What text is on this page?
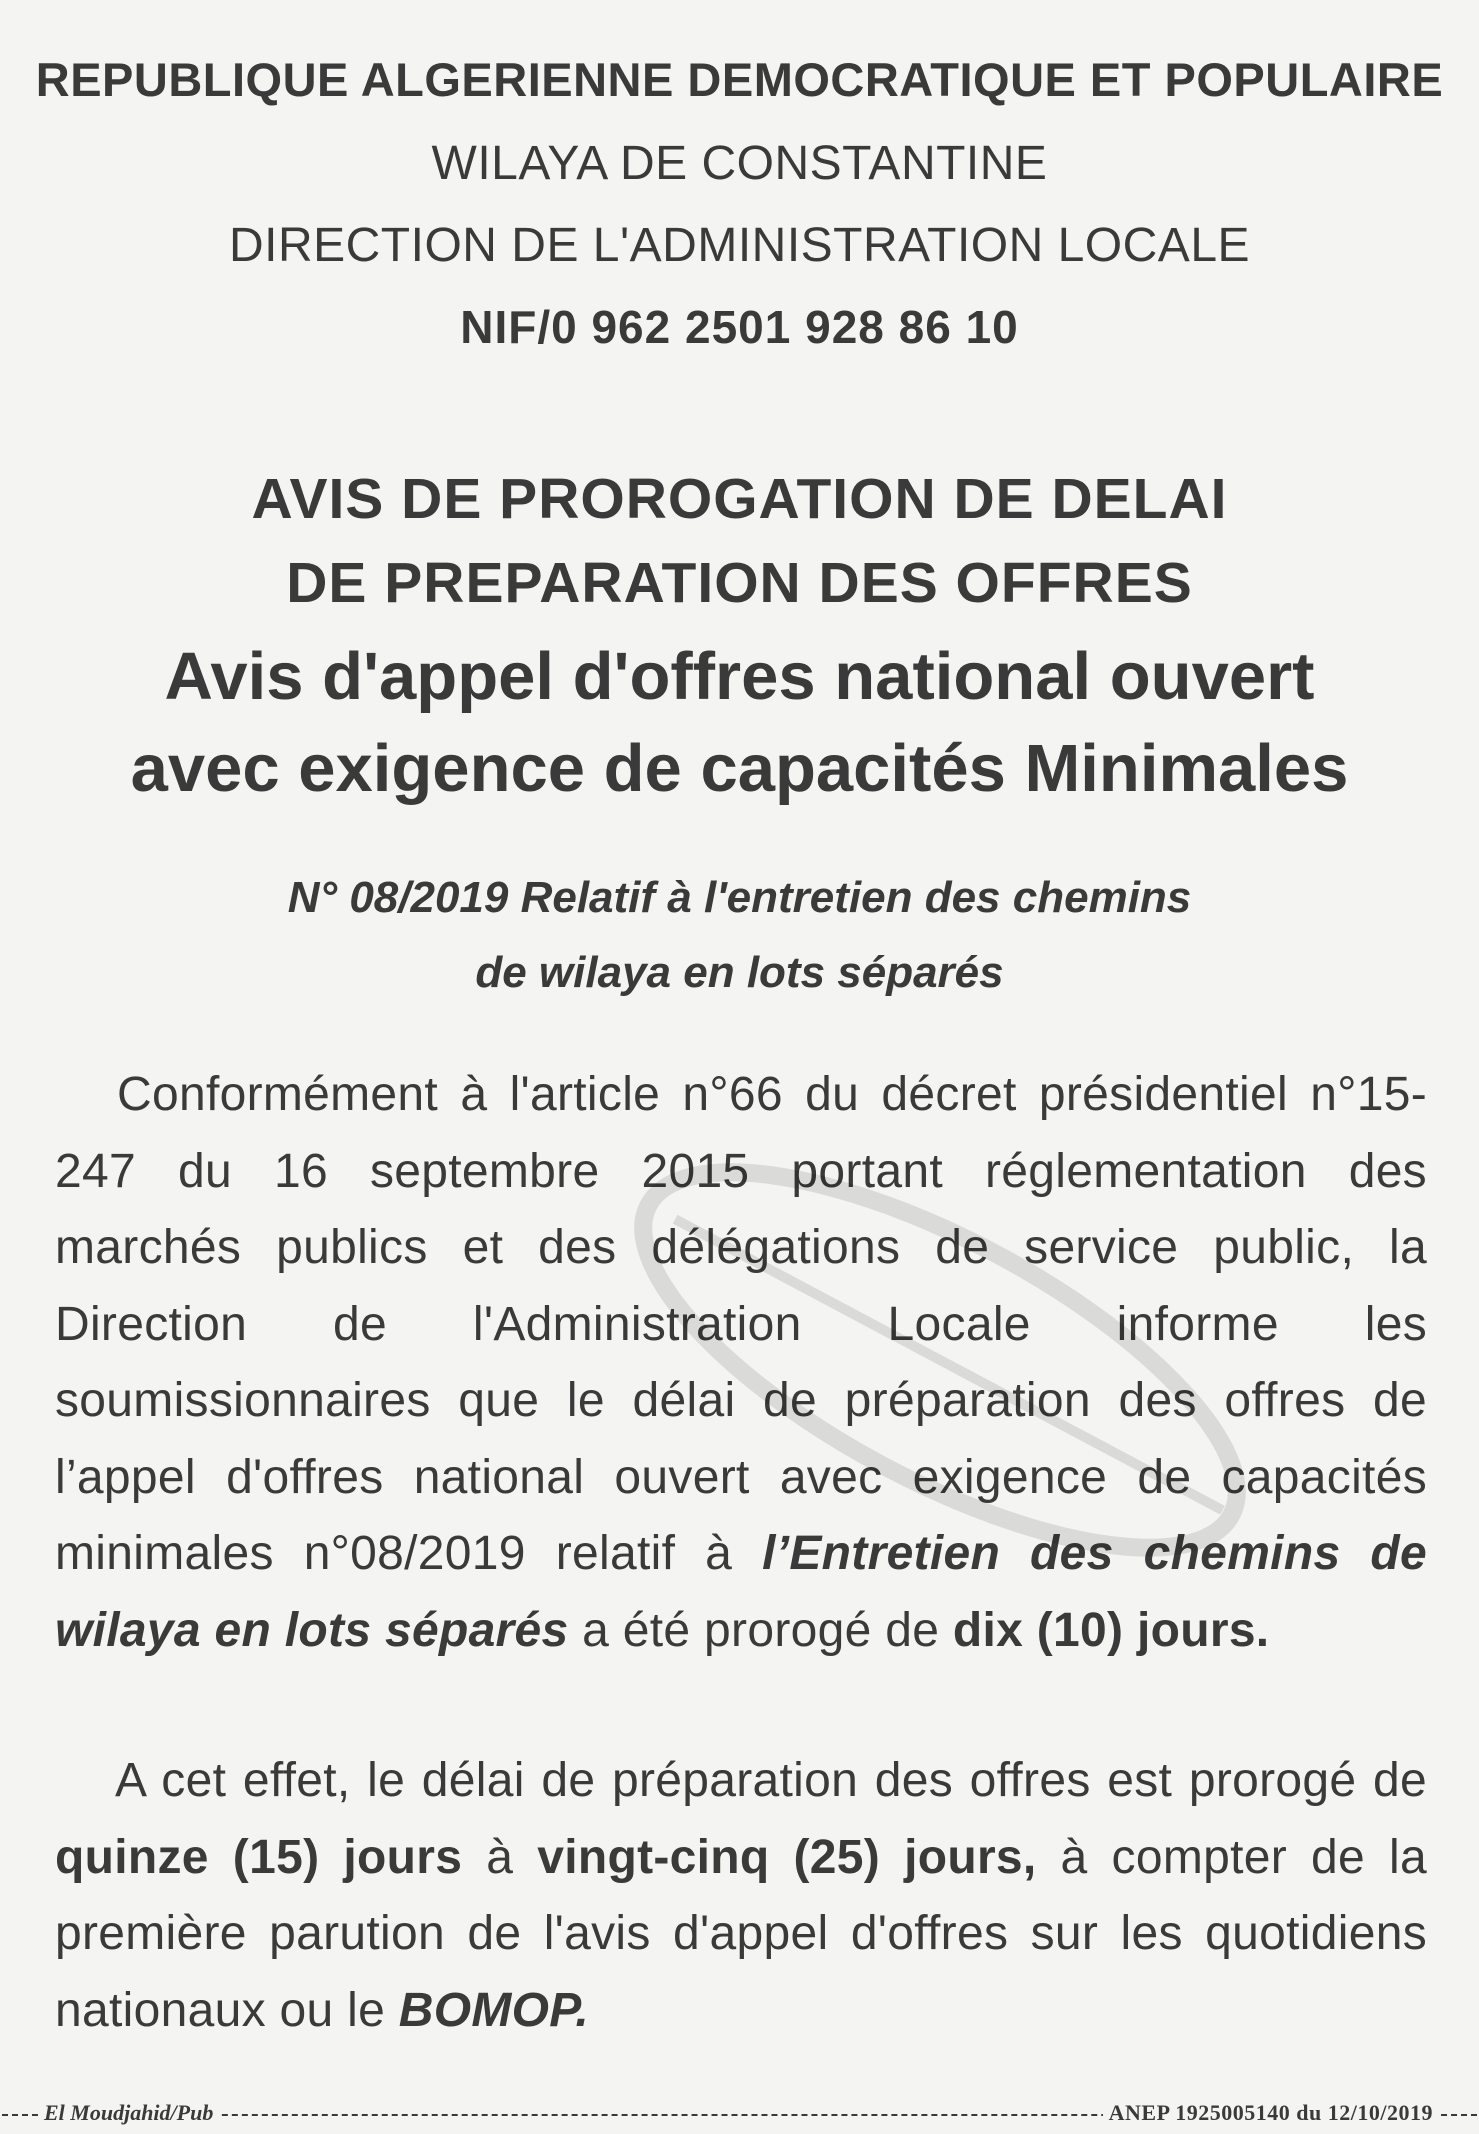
REPUBLIQUE ALGERIENNE DEMOCRATIQUE ET POPULAIRE
WILAYA DE CONSTANTINE
DIRECTION DE L'ADMINISTRATION LOCALE
NIF/0 962 2501 928 86 10
AVIS DE PROROGATION DE DELAI
DE PREPARATION DES OFFRES
Avis d'appel d'offres national ouvert
avec exigence de capacités Minimales
N° 08/2019 Relatif à l'entretien des chemins
de wilaya en lots séparés
Conformément à l'article n°66 du décret présidentiel n°15-247 du 16 septembre 2015 portant réglementation des marchés publics et des délégations de service public, la Direction de l'Administration Locale informe les soumissionnaires que le délai de préparation des offres de l’appel d'offres national ouvert avec exigence de capacités minimales n°08/2019 relatif à l’Entretien des chemins de wilaya en lots séparés a été prorogé de dix (10) jours.
A cet effet, le délai de préparation des offres est prorogé de quinze (15) jours à vingt-cinq (25) jours, à compter de la première parution de l'avis d'appel d'offres sur les quotidiens nationaux ou le BOMOP.
El Moudjahid/Pub	ANEP 1925005140 du 12/10/2019
